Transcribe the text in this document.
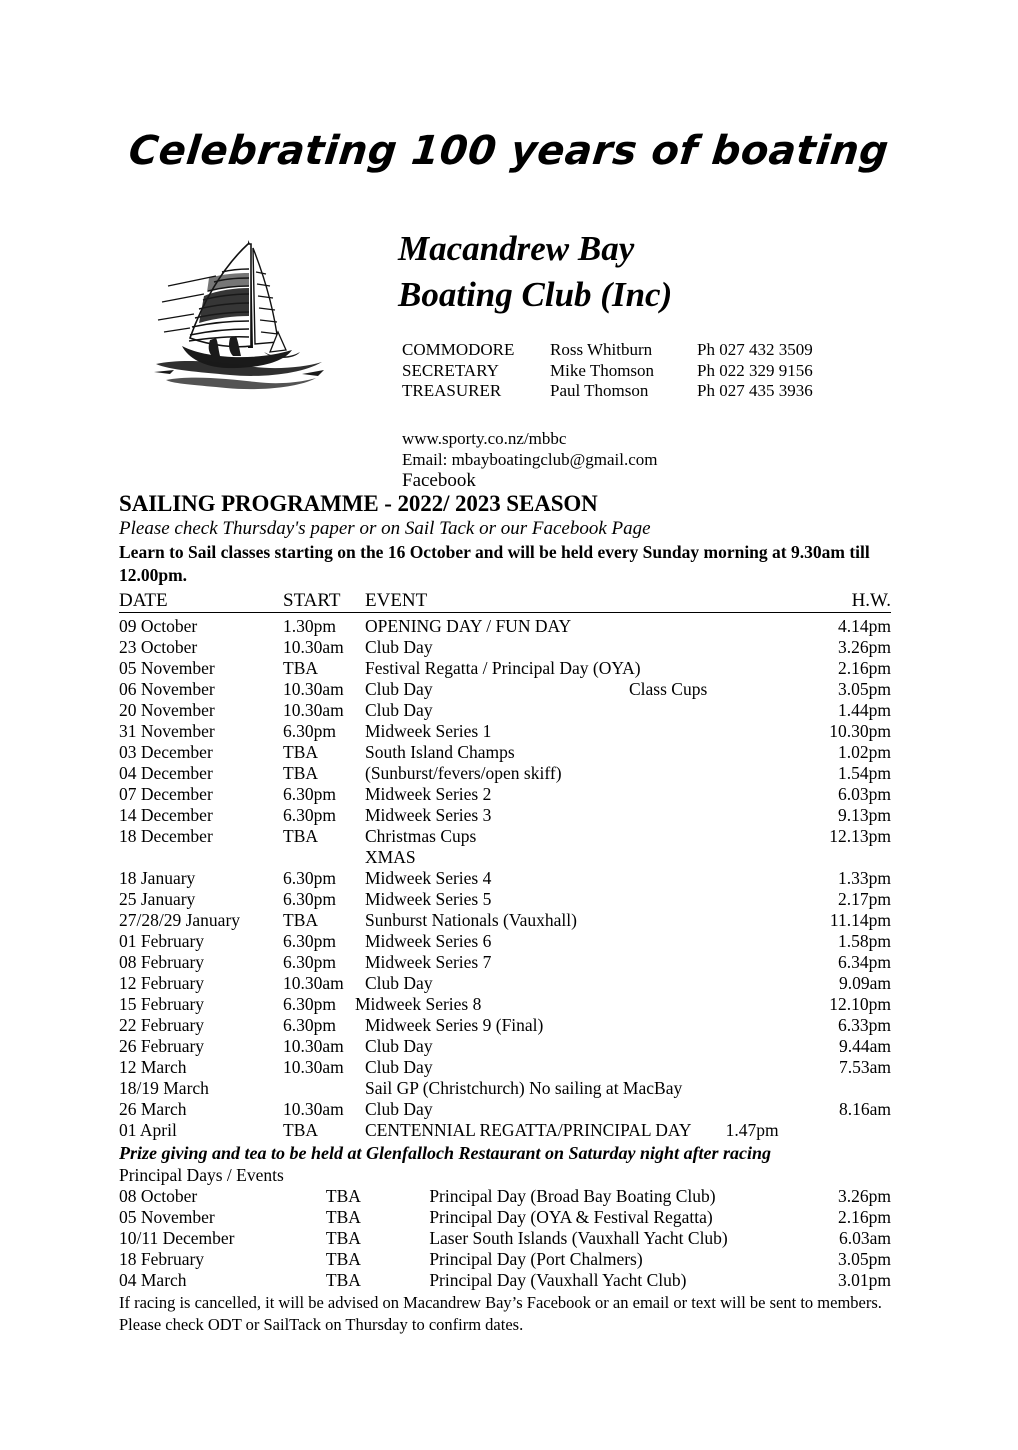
Celebrating 100 years of boating
Macandrew Bay
Boating Club (Inc)
COMMODORE	Ross Whitburn	Ph 027 432 3509
SECRETARY	Mike Thomson	Ph 022 329 9156
TREASURER	Paul Thomson	Ph 027 435 3936
www.sporty.co.nz/mbbc
Email: mbayboatingclub@gmail.com
Facebook
SAILING PROGRAMME - 2022/ 2023 SEASON
Please check Thursday's paper or on Sail Tack or our Facebook Page
Learn to Sail classes starting on the 16 October and will be held every Sunday morning at 9.30am till 12.00pm.
DATE	START	EVENT		H.W.
09 October	1.30pm	OPENING DAY / FUN DAY		4.14pm
23 October	10.30am	Club Day		3.26pm
05 November	TBA	Festival Regatta / Principal Day (OYA)		2.16pm
06 November	10.30am	Club Day	Class Cups	3.05pm
20 November	10.30am	Club Day		1.44pm
31 November	6.30pm	Midweek Series 1		10.30pm
03 December	TBA	South Island Champs		1.02pm
04 December	TBA	(Sunburst/fevers/open skiff)		1.54pm
07 December	6.30pm	Midweek Series 2		6.03pm
14 December	6.30pm	Midweek Series 3		9.13pm
18 December	TBA	Christmas Cups		12.13pm
		XMAS		
18 January	6.30pm	Midweek Series 4		1.33pm
25 January	6.30pm	Midweek Series 5		2.17pm
27/28/29 January	TBA	Sunburst Nationals (Vauxhall)		11.14pm
01 February	6.30pm	Midweek Series 6		1.58pm
08 February	6.30pm	Midweek Series 7		6.34pm
12 February	10.30am	Club Day		9.09am
15 February	6.30pm	Midweek Series 8		12.10pm
22 February	6.30pm	Midweek Series 9 (Final)		6.33pm
26 February	10.30am	Club Day		9.44am
12 March	10.30am	Club Day		7.53am
18/19 March		Sail GP (Christchurch) No sailing at MacBay
26 March	10.30am	Club Day		8.16am
01 April	TBA	CENTENNIAL REGATTA/PRINCIPAL DAY 1.47pm
Prize giving and tea to be held at Glenfalloch Restaurant on Saturday night after racing
Principal Days / Events
08 October	TBA	Principal Day (Broad Bay Boating Club)	3.26pm
05 November	TBA	Principal Day (OYA & Festival Regatta)	2.16pm
10/11 December	TBA	Laser South Islands (Vauxhall Yacht Club)	6.03am
18 February	TBA	Principal Day (Port Chalmers)	3.05pm
04 March	TBA	Principal Day (Vauxhall Yacht Club)	3.01pm
If racing is cancelled, it will be advised on Macandrew Bay’s Facebook or an email or text will be sent to members.
Please check ODT or SailTack on Thursday to confirm dates.
